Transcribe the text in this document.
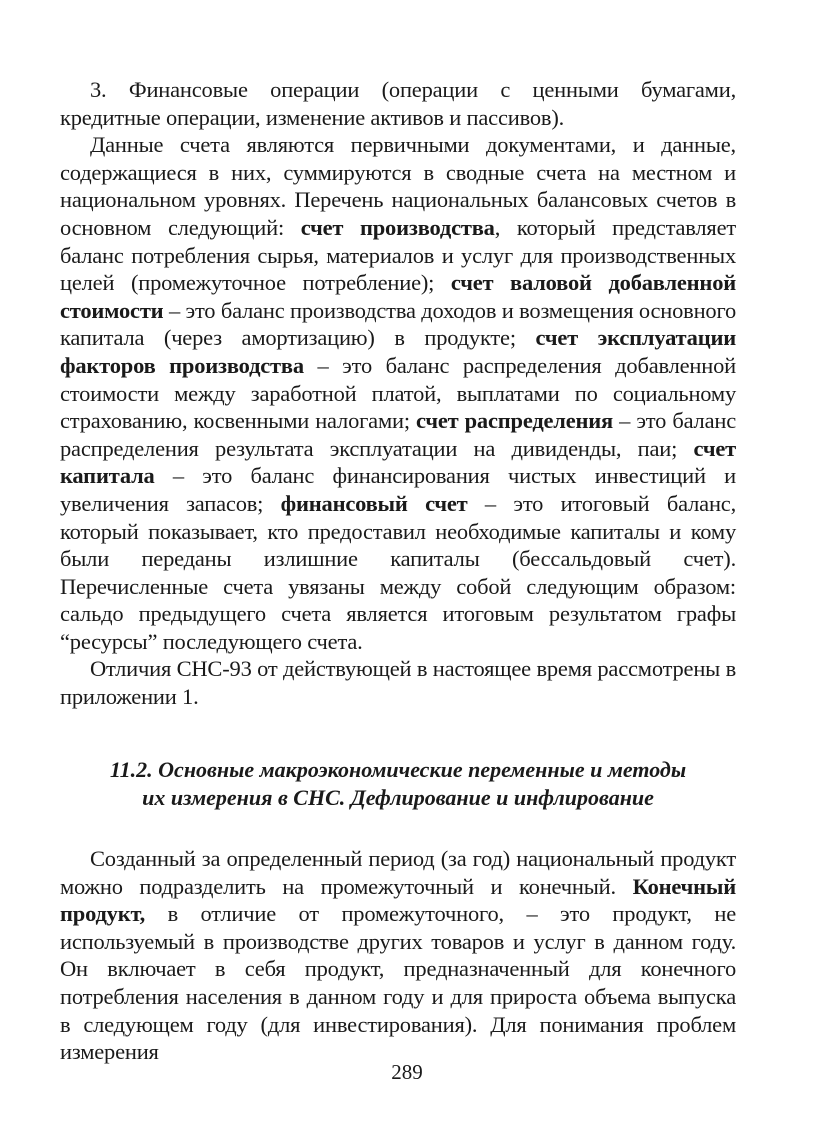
3. Финансовые операции (операции с ценными бумагами, кредитные операции, изменение активов и пассивов).

Данные счета являются первичными документами, и данные, содержащиеся в них, суммируются в сводные счета на местном и национальном уровнях. Перечень национальных балансовых счетов в основном следующий: счет производства, который представляет баланс потребления сырья, материалов и услуг для производственных целей (промежуточное потребление); счет валовой добавленной стоимости – это баланс производства доходов и возмещения основного капитала (через амортизацию) в продукте; счет эксплуатации факторов производства – это баланс распределения добавленной стоимости между заработной платой, выплатами по социальному страхованию, косвенными налогами; счет распределения – это баланс распределения результата эксплуатации на дивиденды, паи; счет капитала – это баланс финансирования чистых инвестиций и увеличения запасов; финансовый счет – это итоговый баланс, который показывает, кто предоставил необходимые капиталы и кому были переданы излишние капиталы (бессальдовый счет). Перечисленные счета увязаны между собой следующим образом: сальдо предыдущего счета является итоговым результатом графы “ресурсы” последующего счета.

Отличия СНС-93 от действующей в настоящее время рассмотрены в приложении 1.

11.2. Основные макроэкономические переменные и методы
их измерения в СНС. Дефлирование и инфлирование

Созданный за определенный период (за год) национальный продукт можно подразделить на промежуточный и конечный. Конечный продукт, в отличие от промежуточного, – это продукт, не используемый в производстве других товаров и услуг в данном году. Он включает в себя продукт, предназначенный для конечного потребления населения в данном году и для прироста объема выпуска в следующем году (для инвестирования). Для понимания проблем измерения

289
